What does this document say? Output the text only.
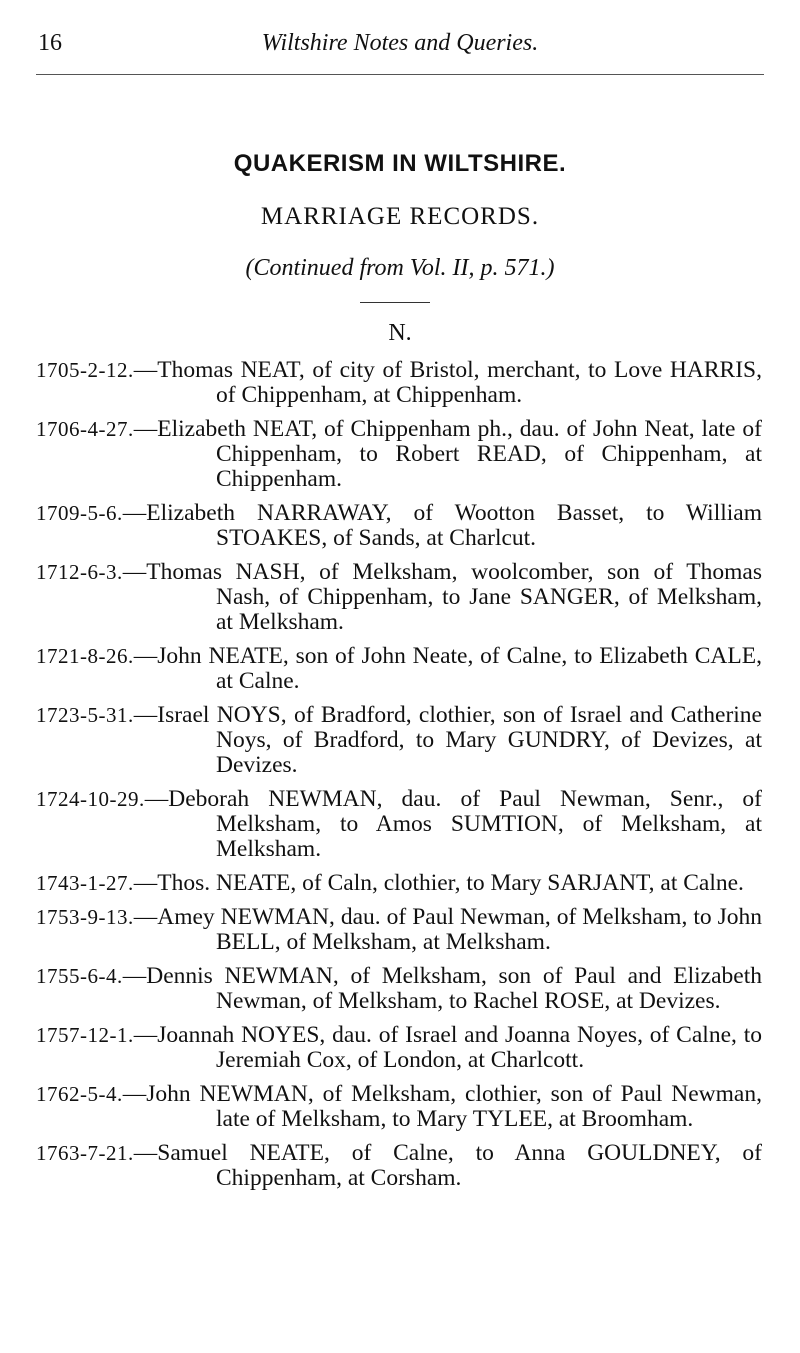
16	Wiltshire Notes and Queries.
QUAKERISM IN WILTSHIRE.
MARRIAGE RECORDS.
(Continued from Vol. II, p. 571.)
N.
1705-2-12.—Thomas NEAT, of city of Bristol, merchant, to Love HARRIS, of Chippenham, at Chippenham.
1706-4-27.—Elizabeth NEAT, of Chippenham ph., dau. of John Neat, late of Chippenham, to Robert READ, of Chippenham, at Chippenham.
1709-5-6.—Elizabeth NARRAWAY, of Wootton Basset, to William STOAKES, of Sands, at Charlcut.
1712-6-3.—Thomas NASH, of Melksham, woolcomber, son of Thomas Nash, of Chippenham, to Jane SANGER, of Melksham, at Melksham.
1721-8-26.—John NEATE, son of John Neate, of Calne, to Elizabeth CALE, at Calne.
1723-5-31.—Israel NOYS, of Bradford, clothier, son of Israel and Catherine Noys, of Bradford, to Mary GUNDRY, of Devizes, at Devizes.
1724-10-29.—Deborah NEWMAN, dau. of Paul Newman, Senr., of Melksham, to Amos SUMTION, of Melksham, at Melksham.
1743-1-27.—Thos. NEATE, of Caln, clothier, to Mary SARJANT, at Calne.
1753-9-13.—Amey NEWMAN, dau. of Paul Newman, of Melksham, to John BELL, of Melksham, at Melksham.
1755-6-4.—Dennis NEWMAN, of Melksham, son of Paul and Elizabeth Newman, of Melksham, to Rachel ROSE, at Devizes.
1757-12-1.—Joannah NOYES, dau. of Israel and Joanna Noyes, of Calne, to Jeremiah Cox, of London, at Charlcott.
1762-5-4.—John NEWMAN, of Melksham, clothier, son of Paul Newman, late of Melksham, to Mary TYLEE, at Broomham.
1763-7-21.—Samuel NEATE, of Calne, to Anna GOULDNEY, of Chippenham, at Corsham.
